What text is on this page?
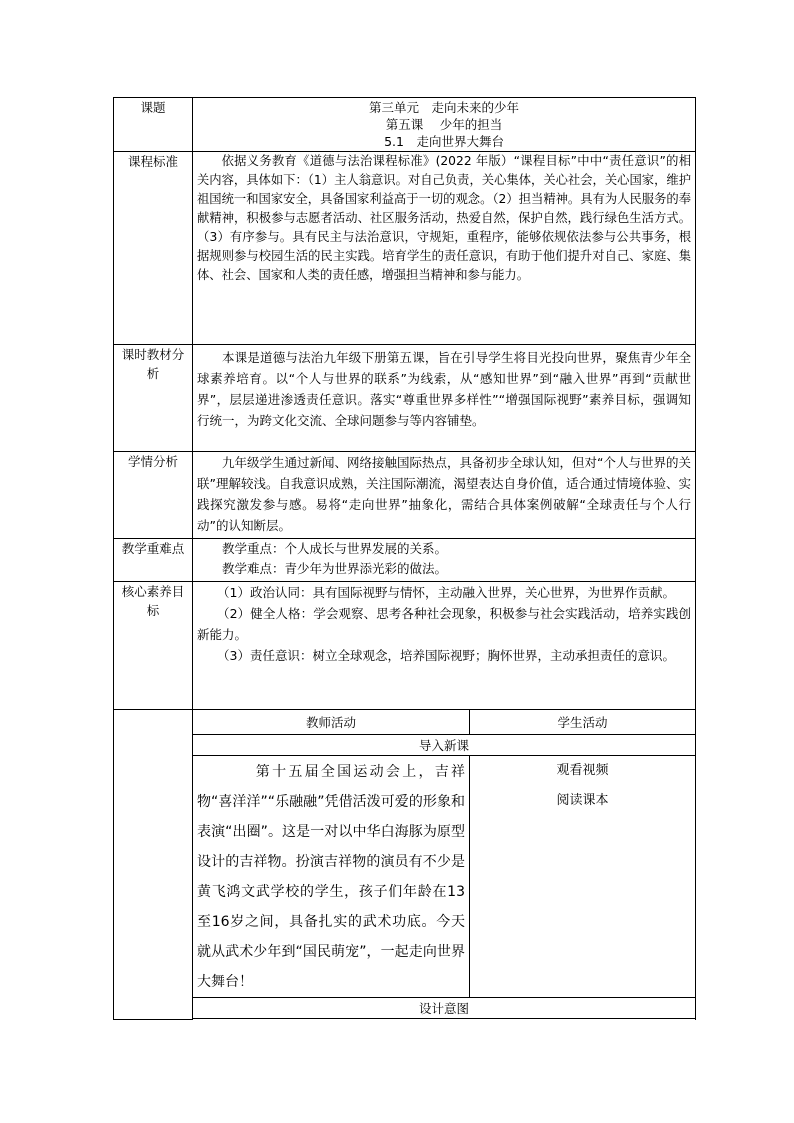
课题	第三单元　走向未来的少年
第五课　 少年的担当
5.1　走向世界大舞台	

课程标准	依据义务教育《道德与法治课程标准》(2022 年版）“课程目标”中中“责任意识”的相关内容，具体如下：（1）主人翁意识。对自己负责，关心集体，关心社会，关心国家，维护祖国统一和国家安全，具备国家利益高于一切的观念。（2）担当精神。具有为人民服务的奉献精神，积极参与志愿者活动、社区服务活动，热爱自然，保护自然，践行绿色生活方式。（3）有序参与。具有民主与法治意识，守规矩，重程序，能够依规依法参与公共事务，根据规则参与校园生活的民主实践。培育学生的责任意识，有助于他们提升对自己、家庭、集体、社会、国家和人类的责任感，增强担当精神和参与能力。	
课时教材分析	本课是道德与法治九年级下册第五课，旨在引导学生将目光投向世界，聚焦青少年全球素养培育。以“个人与世界的联系”为线索，从“感知世界”到“融入世界”再到“贡献世界”，层层递进渗透责任意识。落实“尊重世界多样性”“增强国际视野”素养目标，强调知行统一，为跨文化交流、全球问题参与等内容铺垫。	
学情分析	九年级学生通过新闻、网络接触国际热点，具备初步全球认知，但对“个人与世界的关联”理解较浅。自我意识成熟，关注国际潮流，渴望表达自身价值，适合通过情境体验、实践探究激发参与感。易将“走向世界”抽象化，需结合具体案例破解“全球责任与个人行动”的认知断层。	
教学重难点	教学重点：个人成长与世界发展的关系。
教学难点：青少年为世界添光彩的做法。	

核心素养目标	（1）政治认同：具有国际视野与情怀，主动融入世界，关心世界，为世界作贡献。
（2）健全人格：学会观察、思考各种社会现象，积极参与社会实践活动，培养实践创新能力。
（3）责任意识：树立全球观念，培养国际视野；胸怀世界，主动承担责任的意识。	

	教师活动	学生活动
	导入新课	
	第十五届全国运动会上，吉祥物“喜洋洋”“乐融融”凭借活泼可爱的形象和表演“出圈”。这是一对以中华白海豚为原型设计的吉祥物。扮演吉祥物的演员有不少是黄飞鸿文武学校的学生，孩子们年龄在13至16岁之间，具备扎实的武术功底。今天就从武术少年到“国民萌宠”，一起走向世界大舞台！	观看视频
阅读课本

	设计意图	
